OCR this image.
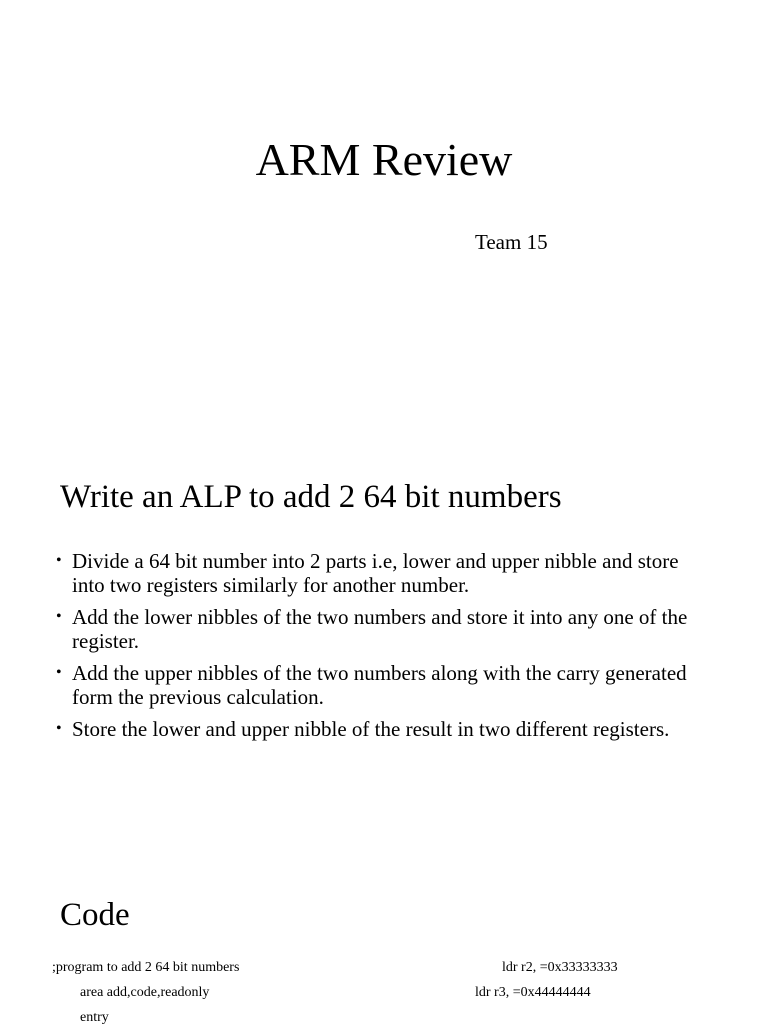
ARM Review
Team 15
Write an ALP to add 2 64 bit numbers
• Divide a 64 bit number into 2 parts i.e, lower and upper nibble and store into two registers similarly for another number.
• Add the lower nibbles of the two numbers and store it into any one of the register.
• Add the upper nibbles of the two numbers along with the carry generated form the previous calculation.
• Store the lower and upper nibble of the result in two different registers.
Code
;program to add 2 64 bit numbers
area add,code,readonly
entry
ldr r2, =0x33333333
ldr r3, =0x44444444
